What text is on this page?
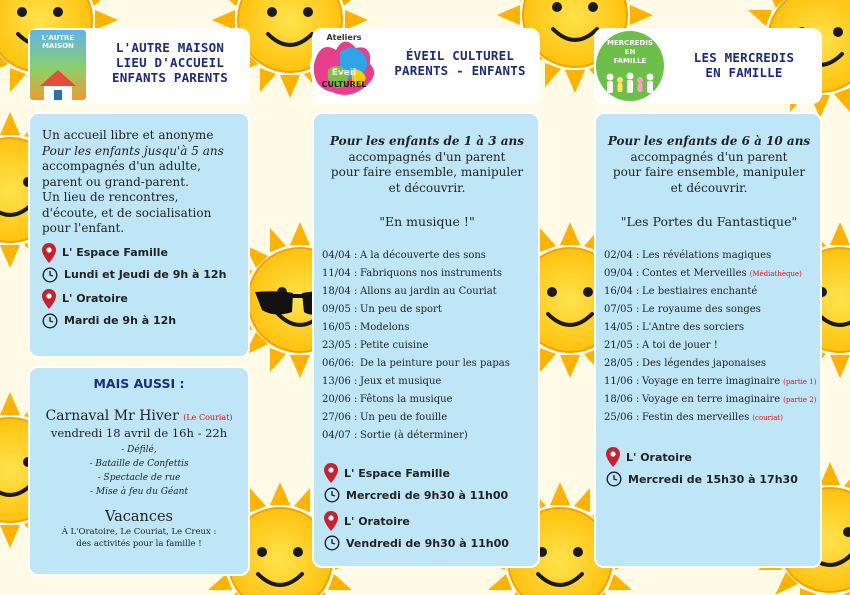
L'AUTRE MAISON	L'AUTRE MAISON
LIEU D'ACCUEIL
ENFANTS PARENTS
Un accueil libre et anonyme
Pour les enfants jusqu'à 5 ans
accompagnés d'un adulte,
parent ou grand-parent.
Un lieu de rencontres,
d'écoute, et de socialisation
pour l'enfant.
L' Espace Famille
Lundi et Jeudi de 9h à 12h
L' Oratoire
Mardi de 9h à 12h
MAIS AUSSI :
Carnaval Mr Hiver (Le Couriat)
vendredi 18 avril de 16h - 22h
- Défilé,
- Bataille de Confettis
- Spectacle de rue
- Mise à feu du Géant
Vacances
À L'Oratoire, Le Couriat, Le Creux :
des activités pour la famille !
Ateliers
Eveil
CULTUREL
ÉVEIL CULTUREL
PARENTS - ENFANTS
Pour les enfants de 1 à 3 ans
accompagnés d'un parent
pour faire ensemble, manipuler
et découvrir.
"En musique !"
04/04 : A la découverte des sons
11/04 : Fabriquons nos instruments
18/04 : Allons au jardin au Couriat
09/05 : Un peu de sport
16/05 : Modelons
23/05 : Petite cuisine
06/06: De la peinture pour les papas
13/06 : Jeux et musique
20/06 : Fêtons la musique
27/06 : Un peu de fouille
04/07 : Sortie (à déterminer)
L' Espace Famille
Mercredi de 9h30 à 11h00
L' Oratoire
Vendredi de 9h30 à 11h00
MERCREDIS
EN
FAMILLE	LES MERCREDIS
EN FAMILLE
Pour les enfants de 6 à 10 ans
accompagnés d'un parent
pour faire ensemble, manipuler
et découvrir.
"Les Portes du Fantastique"
02/04 : Les révélations magiques
09/04 : Contes et Merveilles (Médiathèque)
16/04 : Le bestiaires enchanté
07/05 : Le royaume des songes
14/05 : L'Antre des sorciers
21/05 : A toi de jouer !
28/05 : Des légendes japonaises
11/06 : Voyage en terre imaginaire (partie 1)
18/06 : Voyage en terre imaginaire (partie 2)
25/06 : Festin des merveilles (couriat)
L' Oratoire
Mercredi de 15h30 à 17h30
